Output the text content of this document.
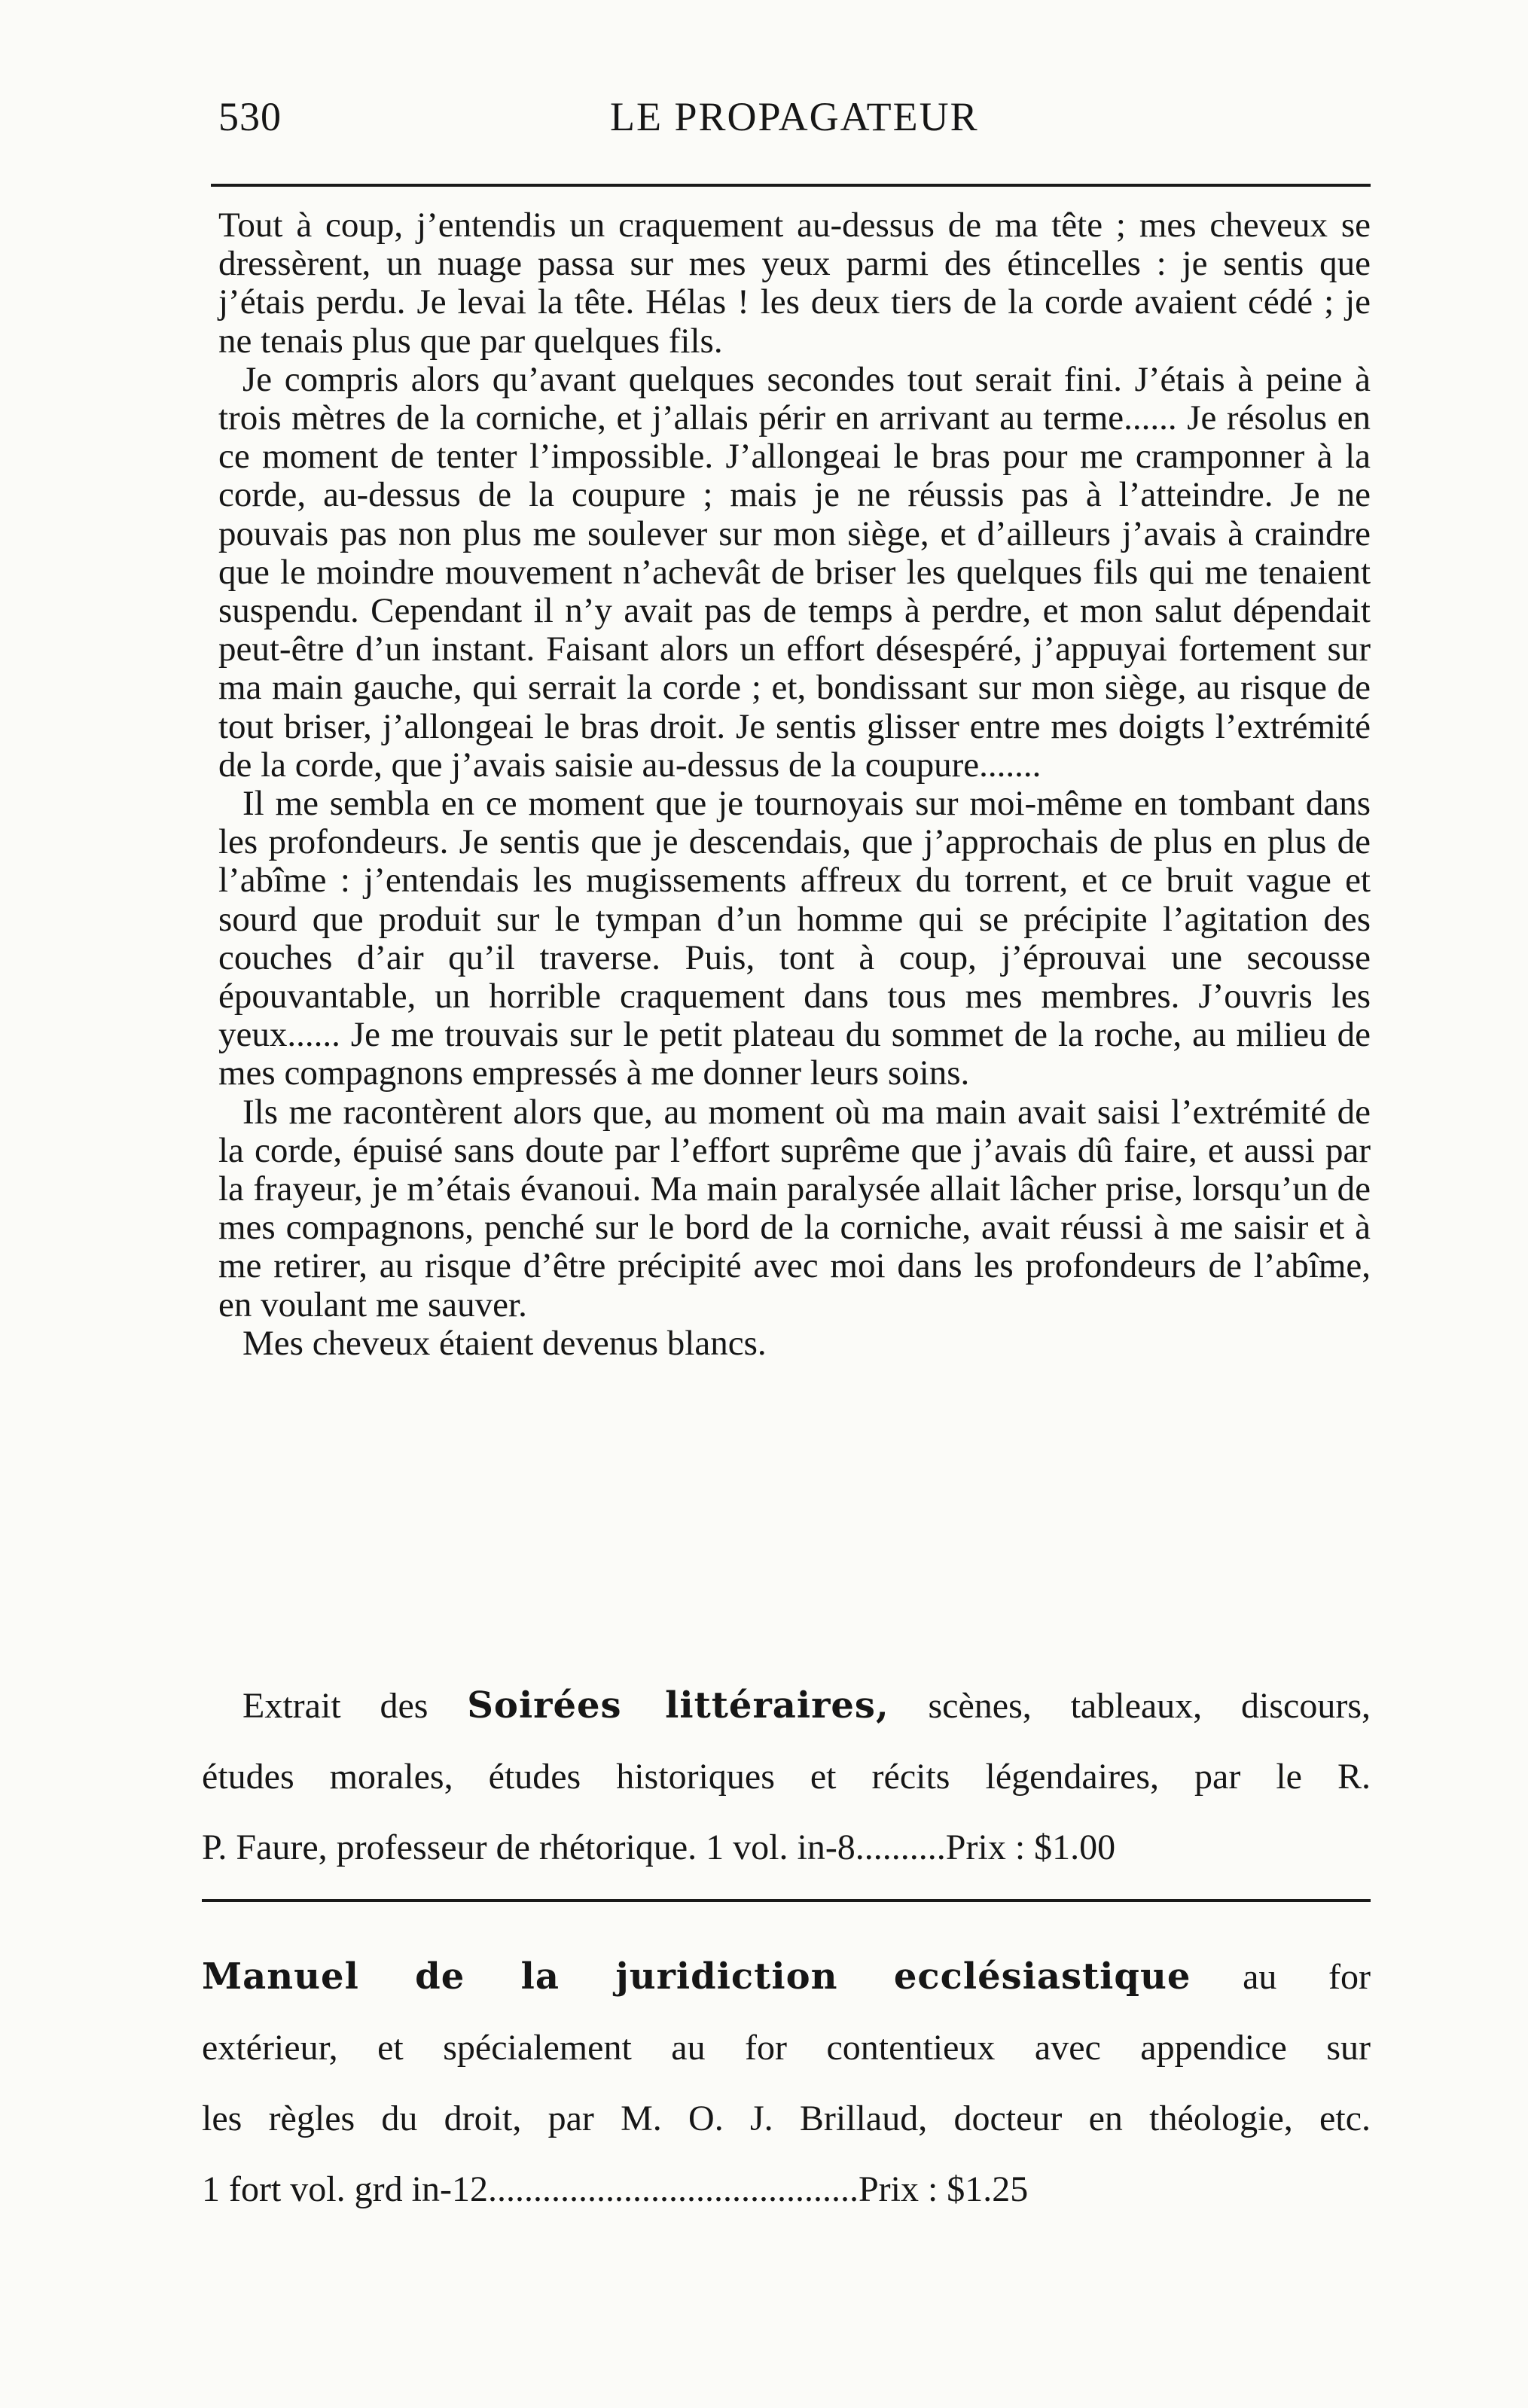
530	LE PROPAGATEUR

Tout à coup, j’entendis un craquement au-dessus de ma tête ; mes cheveux se dressèrent, un nuage passa sur mes yeux parmi des étincelles : je sentis que j’étais perdu. Je levai la tête. Hélas ! les deux tiers de la corde avaient cédé ; je ne tenais plus que par quelques fils.

Je compris alors qu’avant quelques secondes tout serait fini. J’étais à peine à trois mètres de la corniche, et j’allais périr en arrivant au terme...... Je résolus en ce moment de tenter l’impossible. J’allongeai le bras pour me cramponner à la corde, au-dessus de la coupure ; mais je ne réussis pas à l’atteindre. Je ne pouvais pas non plus me soulever sur mon siège, et d’ailleurs j’avais à craindre que le moindre mouvement n’achevât de briser les quelques fils qui me tenaient suspendu. Cependant il n’y avait pas de temps à perdre, et mon salut dépendait peut-être d’un instant. Faisant alors un effort désespéré, j’appuyai fortement sur ma main gauche, qui serrait la corde ; et, bondissant sur mon siège, au risque de tout briser, j’allongeai le bras droit. Je sentis glisser entre mes doigts l’extrémité de la corde, que j’avais saisie au-dessus de la coupure.......

Il me sembla en ce moment que je tournoyais sur moi-même en tombant dans les profondeurs. Je sentis que je descendais, que j’approchais de plus en plus de l’abîme : j’entendais les mugissements affreux du torrent, et ce bruit vague et sourd que produit sur le tympan d’un homme qui se précipite l’agitation des couches d’air qu’il traverse. Puis, tont à coup, j’éprouvai une secousse épouvantable, un horrible craquement dans tous mes membres. J’ouvris les yeux...... Je me trouvais sur le petit plateau du sommet de la roche, au milieu de mes compagnons empressés à me donner leurs soins.

Ils me racontèrent alors que, au moment où ma main avait saisi l’extrémité de la corde, épuisé sans doute par l’effort suprême que j’avais dû faire, et aussi par la frayeur, je m’étais évanoui. Ma main paralysée allait lâcher prise, lorsqu’un de mes compagnons, penché sur le bord de la corniche, avait réussi à me saisir et à me retirer, au risque d’être précipité avec moi dans les profondeurs de l’abîme, en voulant me sauver.

Mes cheveux étaient devenus blancs.

Extrait des Soirées littéraires, scènes, tableaux, discours,
études morales, études historiques et récits légendaires, par le R.
P. Faure, professeur de rhétorique. 1 vol. in-8..........Prix : $1.00
Manuel de la juridiction ecclésiastique au for
extérieur, et spécialement au for contentieux avec appendice sur
les règles du droit, par M. O. J. Brillaud, docteur en théologie, etc.
1 fort vol. grd in-12.........................................Prix : $1.25
